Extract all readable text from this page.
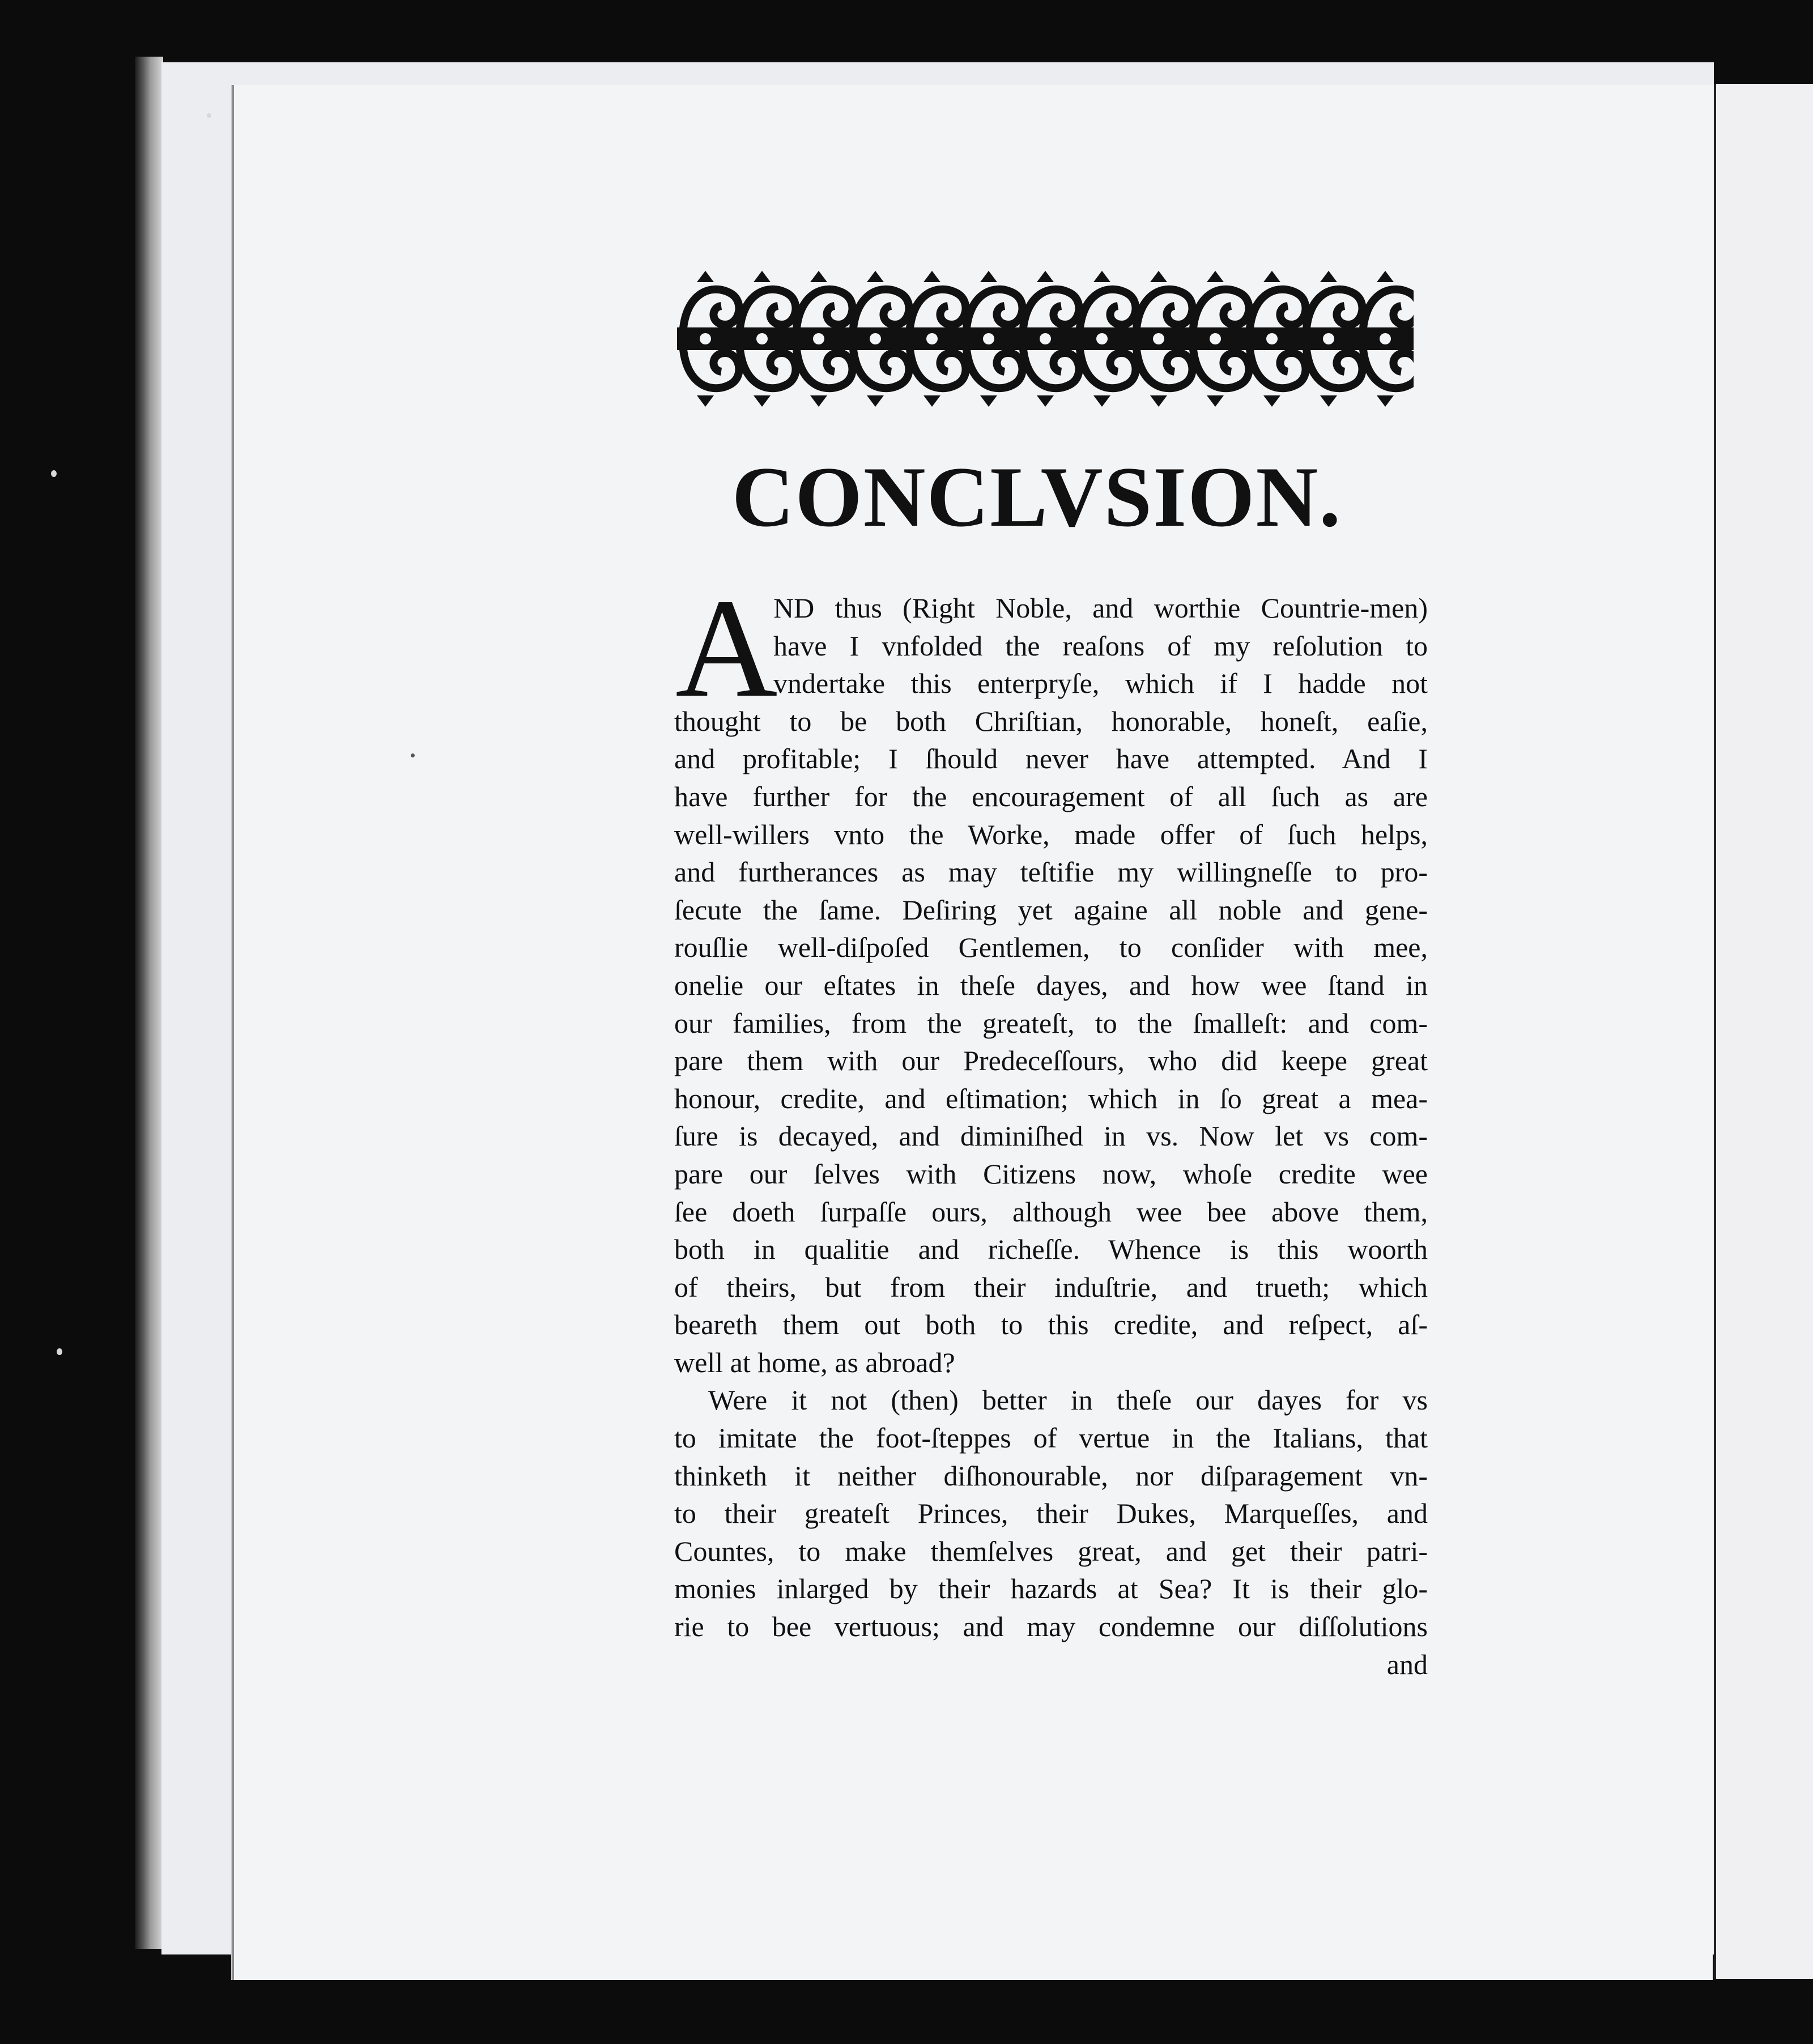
CONCLVSION.
A
ND thus (Right Noble, and worthie Countrie-men)
have I vnfolded the reaſons of my reſolution to
vndertake this enterpryſe, which if I hadde not
thought to be both Chriſtian, honorable, honeſt, eaſie,
and profitable; I ſhould never have attempted. And I
have further for the encouragement of all ſuch as are
well-willers vnto the Worke, made offer of ſuch helps,
and furtherances as may teſtifie my willingneſſe to pro-
ſecute the ſame. Deſiring yet againe all noble and gene-
rouſlie well-diſpoſed Gentlemen, to conſider with mee,
onelie our eſtates in theſe dayes, and how wee ſtand in
our families, from the greateſt, to the ſmalleſt: and com-
pare them with our Predeceſſours, who did keepe great
honour, credite, and eſtimation; which in ſo great a mea-
ſure is decayed, and diminiſhed in vs. Now let vs com-
pare our ſelves with Citizens now, whoſe credite wee
ſee doeth ſurpaſſe ours, although wee bee above them,
both in qualitie and richeſſe. Whence is this woorth
of theirs, but from their induſtrie, and trueth; which
beareth them out both to this credite, and reſpect, aſ-
well at home, as abroad?
Were it not (then) better in theſe our dayes for vs
to imitate the foot-ſteppes of vertue in the Italians, that
thinketh it neither diſhonourable, nor diſparagement vn-
to their greateſt Princes, their Dukes, Marqueſſes, and
Countes, to make themſelves great, and get their patri-
monies inlarged by their hazards at Sea? It is their glo-
rie to bee vertuous; and may condemne our diſſolutions
and
